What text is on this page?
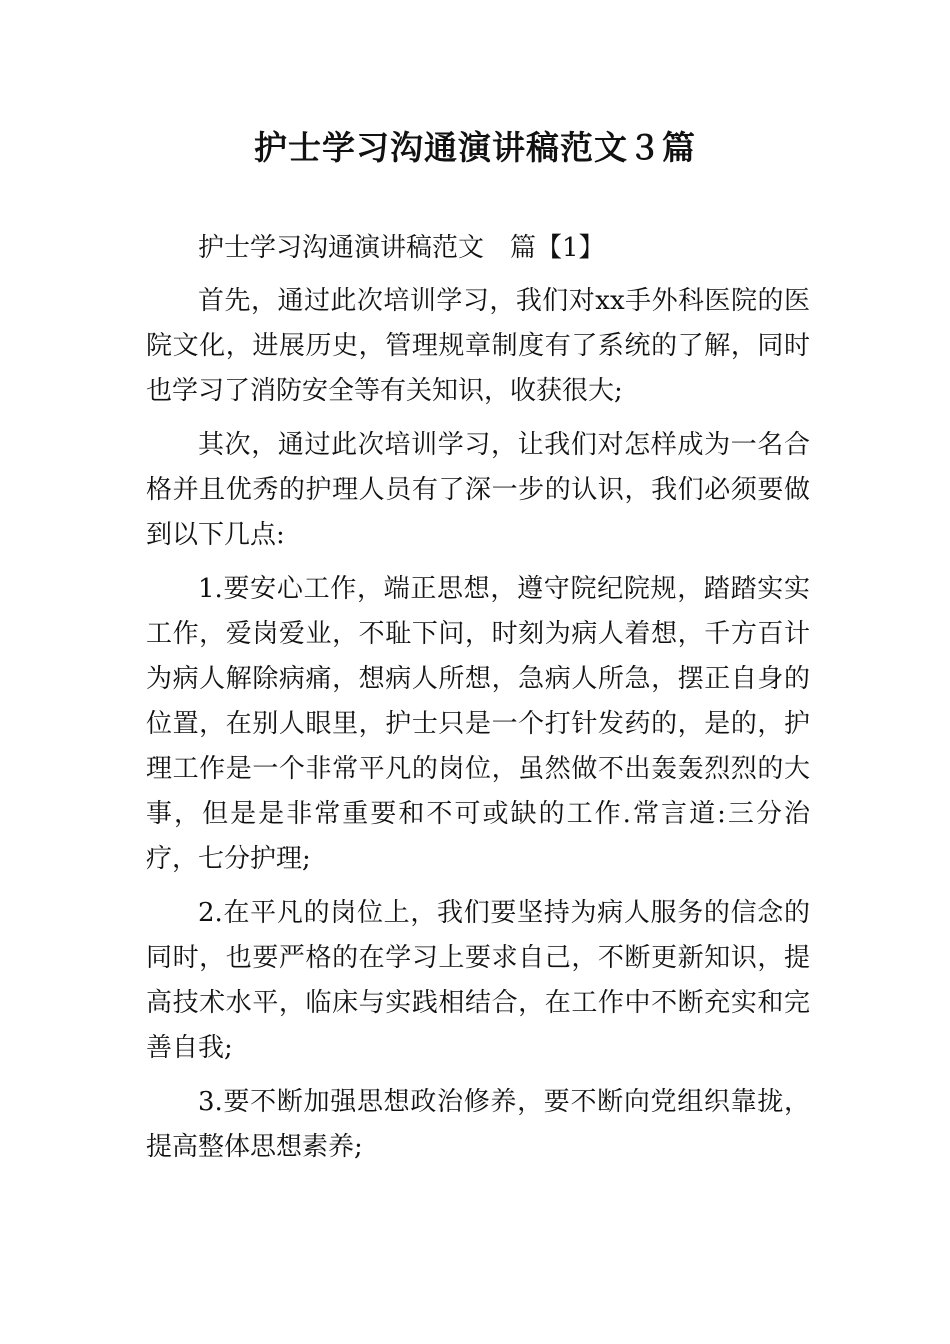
护士学习沟通演讲稿范文３篇

护士学习沟通演讲稿范文　篇【1】

首先，通过此次培训学习，我们对xx手外科医院的医院文化，进展历史，管理规章制度有了系统的了解，同时也学习了消防安全等有关知识，收获很大;

其次，通过此次培训学习，让我们对怎样成为一名合格并且优秀的护理人员有了深一步的认识，我们必须要做到以下几点:

1.要安心工作，端正思想，遵守院纪院规，踏踏实实工作，爱岗爱业，不耻下问，时刻为病人着想，千方百计为病人解除病痛，想病人所想，急病人所急，摆正自身的位置，在别人眼里，护士只是一个打针发药的，是的，护理工作是一个非常平凡的岗位，虽然做不出轰轰烈烈的大事，但是是非常重要和不可或缺的工作.常言道:三分治疗，七分护理;

2.在平凡的岗位上，我们要坚持为病人服务的信念的同时，也要严格的在学习上要求自己，不断更新知识，提高技术水平，临床与实践相结合，在工作中不断充实和完善自我;

3.要不断加强思想政治修养，要不断向党组织靠拢，提高整体思想素养;
